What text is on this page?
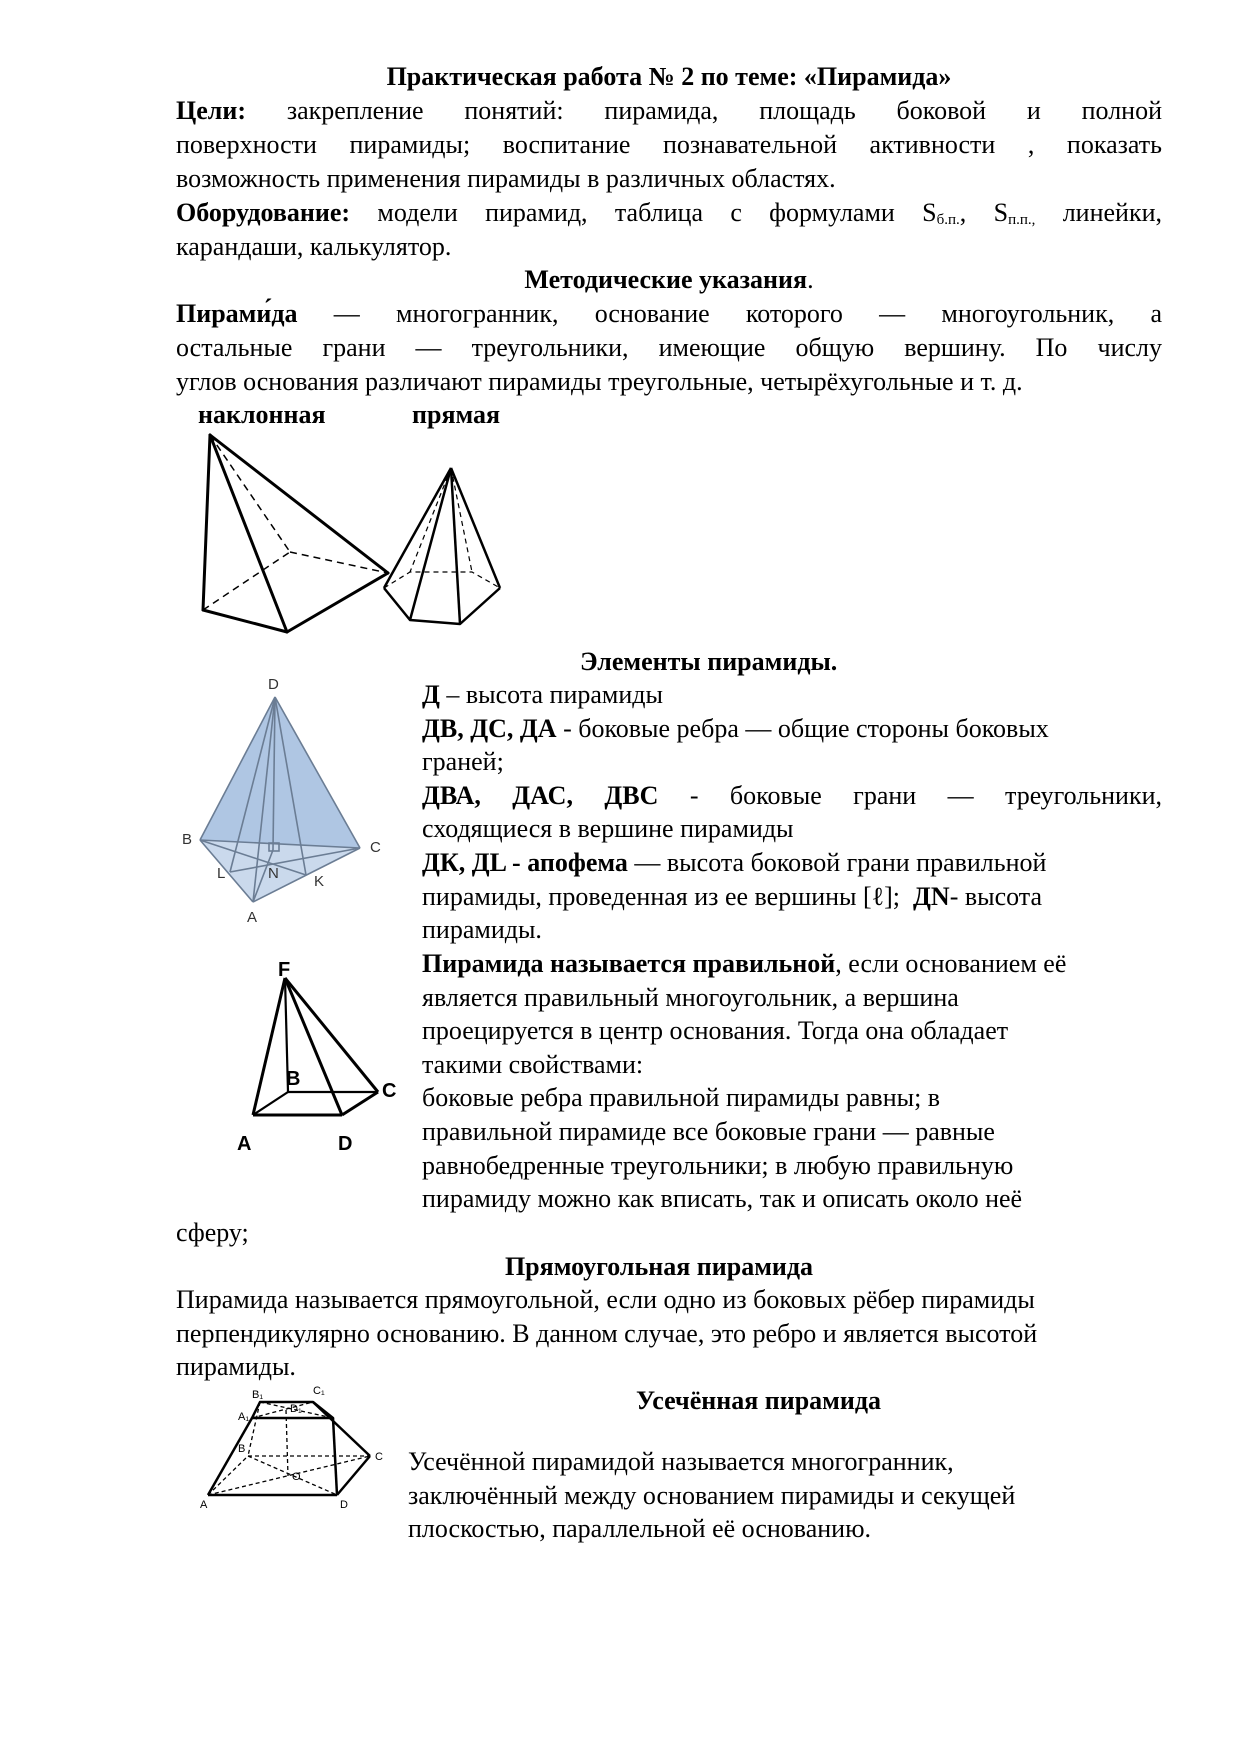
Практическая работа № 2 по теме: «Пирамида»
Цели: закрепление понятий: пирамида, площадь боковой и полной
поверхности пирамиды; воспитание познавательной активности , показать
возможность применения пирамиды в различных областях.
Оборудование: модели пирамид, таблица с формулами $S_{б.п.}$, $S_{п.п.,}$ линейки,
карандаши, калькулятор.
Методические указания.
Пирами́да — многогранник, основание которого — многоугольник, а
остальные грани — треугольники, имеющие общую вершину. По числу
углов основания различают пирамиды треугольные, четырёхугольные и т. д.
наклонная	прямая
Элементы пирамиды.
D
B	C
L	N K
A
Д – высота пирамиды
ДВ, ДС, ДА - боковые ребра — общие стороны боковых
граней;
ДВА, ДАС, ДВС - боковые грани — треугольники,
сходящиеся в вершине пирамиды
ДК, ДL - апофема — высота боковой грани правильной
пирамиды, проведенная из ее вершины [ℓ]; ДN- высота
пирамиды.
F
B
C
A	D
Пирамида называется правильной, если основанием её
является правильный многоугольник, а вершина
проецируется в центр основания. Тогда она обладает
такими свойствами:
боковые ребра правильной пирамиды равны; в
правильной пирамиде все боковые грани — равные
равнобедренные треугольники; в любую правильную
пирамиду можно как вписать, так и описать около неё
сферу;
Прямоугольная пирамида
Пирамида называется прямоугольной, если одно из боковых рёбер пирамиды
перпендикулярно основанию. В данном случае, это ребро и является высотой
пирамиды.
Усечённая пирамида
A₁
B₁	C₁
D₁
A
B
C
D
O
Усечённой пирамидой называется многогранник,
заключённый между основанием пирамиды и секущей
плоскостью, параллельной её основанию.
